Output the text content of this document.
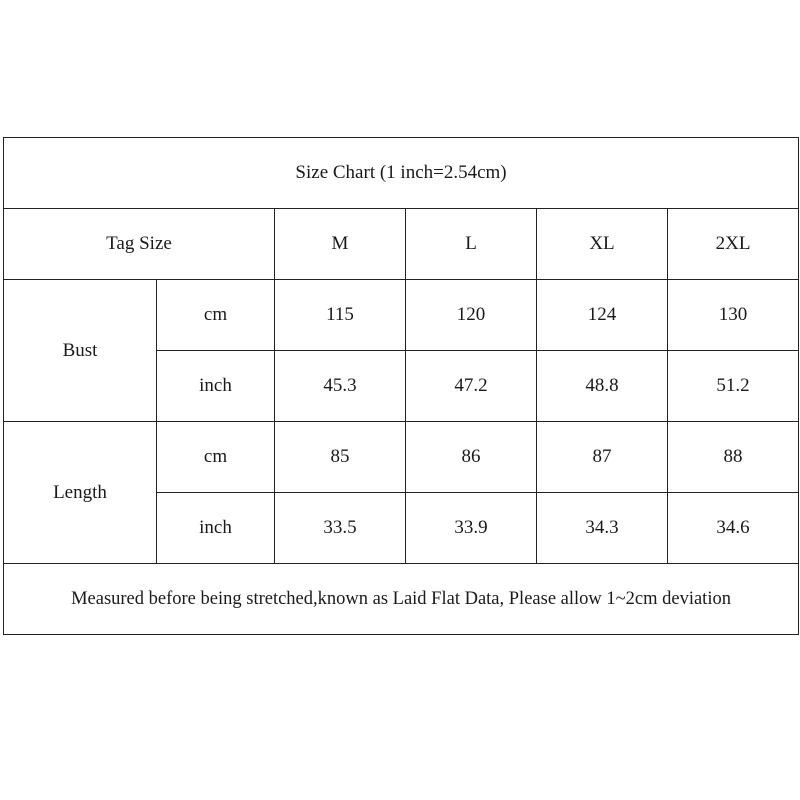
Size Chart (1 inch=2.54cm)					
Tag Size		M	L	XL	2XL
Bust	cm	115	120	124	130
	inch	45.3	47.2	48.8	51.2
Length	cm	85	86	87	88
	inch	33.5	33.9	34.3	34.6
Measured before being stretched,known as Laid Flat Data, Please allow 1~2cm deviation					
